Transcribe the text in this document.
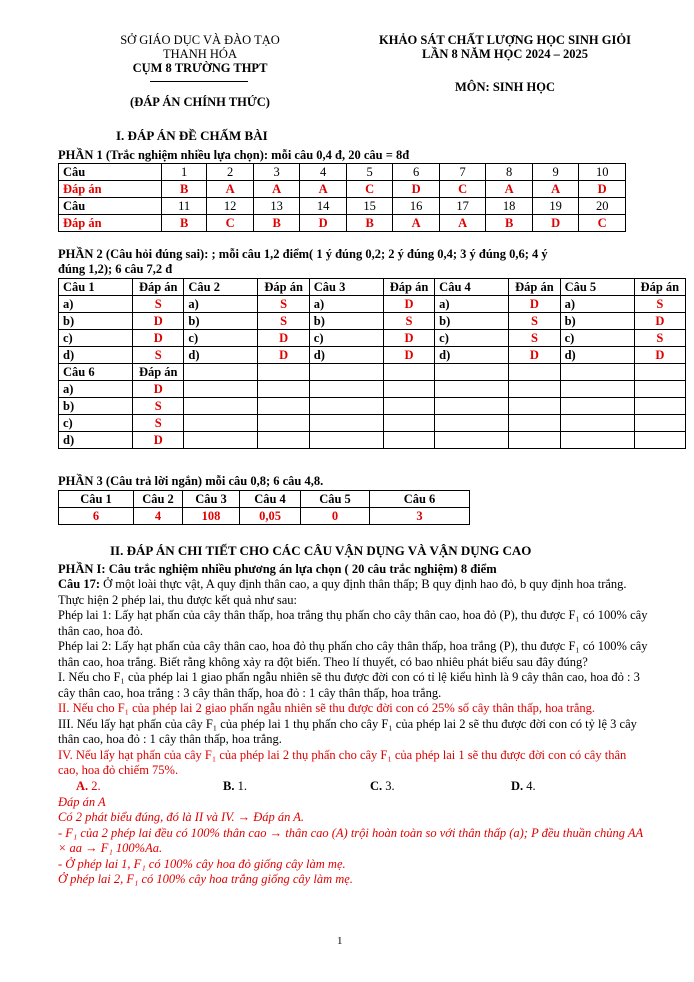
SỞ GIÁO DỤC VÀ ĐÀO TẠO
THANH HÓA
CỤM 8 TRƯỜNG THPT
(ĐÁP ÁN CHÍNH THỨC)
KHẢO SÁT CHẤT LƯỢNG HỌC SINH GIỎI
LẦN 8 NĂM HỌC 2024 – 2025
MÔN: SINH HỌC
I. ĐÁP ÁN ĐỀ CHẤM BÀI
PHẦN 1 (Trắc nghiệm nhiều lựa chọn): mỗi câu 0,4 đ, 20 câu = 8đ
Câu	1	2	3	4	5	6	7	8	9	10
Đáp án	B	A	A	A	C	D	C	A	A	D
Câu	11	12	13	14	15	16	17	18	19	20
Đáp án	B	C	B	D	B	A	A	B	D	C
PHẦN 2 (Câu hỏi đúng sai): ; mỗi câu 1,2 điểm( 1 ý đúng 0,2; 2 ý đúng 0,4; 3 ý đúng 0,6; 4 ý
đúng 1,2); 6 câu 7,2 đ
Câu 1	Đáp án	Câu 2	Đáp án	Câu 3	Đáp án	Câu 4	Đáp án	Câu 5	Đáp án
a)	S	a)	S	a)	D	a)	D	a)	S
b)	D	b)	S	b)	S	b)	S	b)	D
c)	D	c)	D	c)	D	c)	S	c)	S
d)	S	d)	D	d)	D	d)	D	d)	D
Câu 6	Đáp án								
a)	D								
b)	S								
c)	S								
d)	D								
PHẦN 3 (Câu trả lời ngắn) mỗi câu 0,8; 6 câu 4,8.
Câu 1	Câu 2	Câu 3	Câu 4	Câu 5	Câu 6
6	4	108	0,05	0	3
II. ĐÁP ÁN CHI TIẾT CHO CÁC CÂU VẬN DỤNG VÀ VẬN DỤNG CAO
PHẦN I: Câu trắc nghiệm nhiều phương án lựa chọn ( 20 câu trắc nghiệm) 8 điểm
Câu 17: Ở một loài thực vật, A quy định thân cao, a quy định thân thấp; B quy định hao đỏ, b quy định hoa trắng. Thực hiện 2 phép lai, thu được kết quả như sau:
Phép lai 1: Lấy hạt phấn của cây thân thấp, hoa trắng thụ phấn cho cây thân cao, hoa đỏ (P), thu được F₁ có 100% cây thân cao, hoa đỏ.
Phép lai 2: Lấy hạt phấn của cây thân cao, hoa đỏ thụ phấn cho cây thân thấp, hoa trắng (P), thu được F₁ có 100% cây thân cao, hoa trắng. Biết rằng không xảy ra đột biến. Theo lí thuyết, có bao nhiêu phát biểu sau đây đúng?
I. Nếu cho F₁ của phép lai 1 giao phấn ngẫu nhiên sẽ thu được đời con có tỉ lệ kiểu hình là 9 cây thân cao, hoa đỏ : 3 cây thân cao, hoa trắng : 3 cây thân thấp, hoa đỏ : 1 cây thân thấp, hoa trắng.
II. Nếu cho F₁ của phép lai 2 giao phấn ngẫu nhiên sẽ thu được đời con có 25% số cây thân thấp, hoa trắng.
III. Nếu lấy hạt phấn của cây F₁ của phép lai 1 thụ phấn cho cây F₁ của phép lai 2 sẽ thu được đời con có tỷ lệ 3 cây thân cao, hoa đỏ : 1 cây thân thấp, hoa trắng.
IV. Nếu lấy hạt phấn của cây F₁ của phép lai 2 thụ phấn cho cây F₁ của phép lai 1 sẽ thu được đời con có cây thân cao, hoa đỏ chiếm 75%.
A. 2.	B. 1.	C. 3.	D. 4.
Đáp án A
Có 2 phát biểu đúng, đó là II và IV. → Đáp án A.
- F₁ của 2 phép lai đều có 100% thân cao → thân cao (A) trội hoàn toàn so với thân thấp (a); P đều thuần chủng AA × aa → F₁ 100%Aa.
- Ở phép lai 1, F₁ có 100% cây hoa đỏ giống cây làm mẹ.
Ở phép lai 2, F₁ có 100% cây hoa trắng giống cây làm mẹ.
1
